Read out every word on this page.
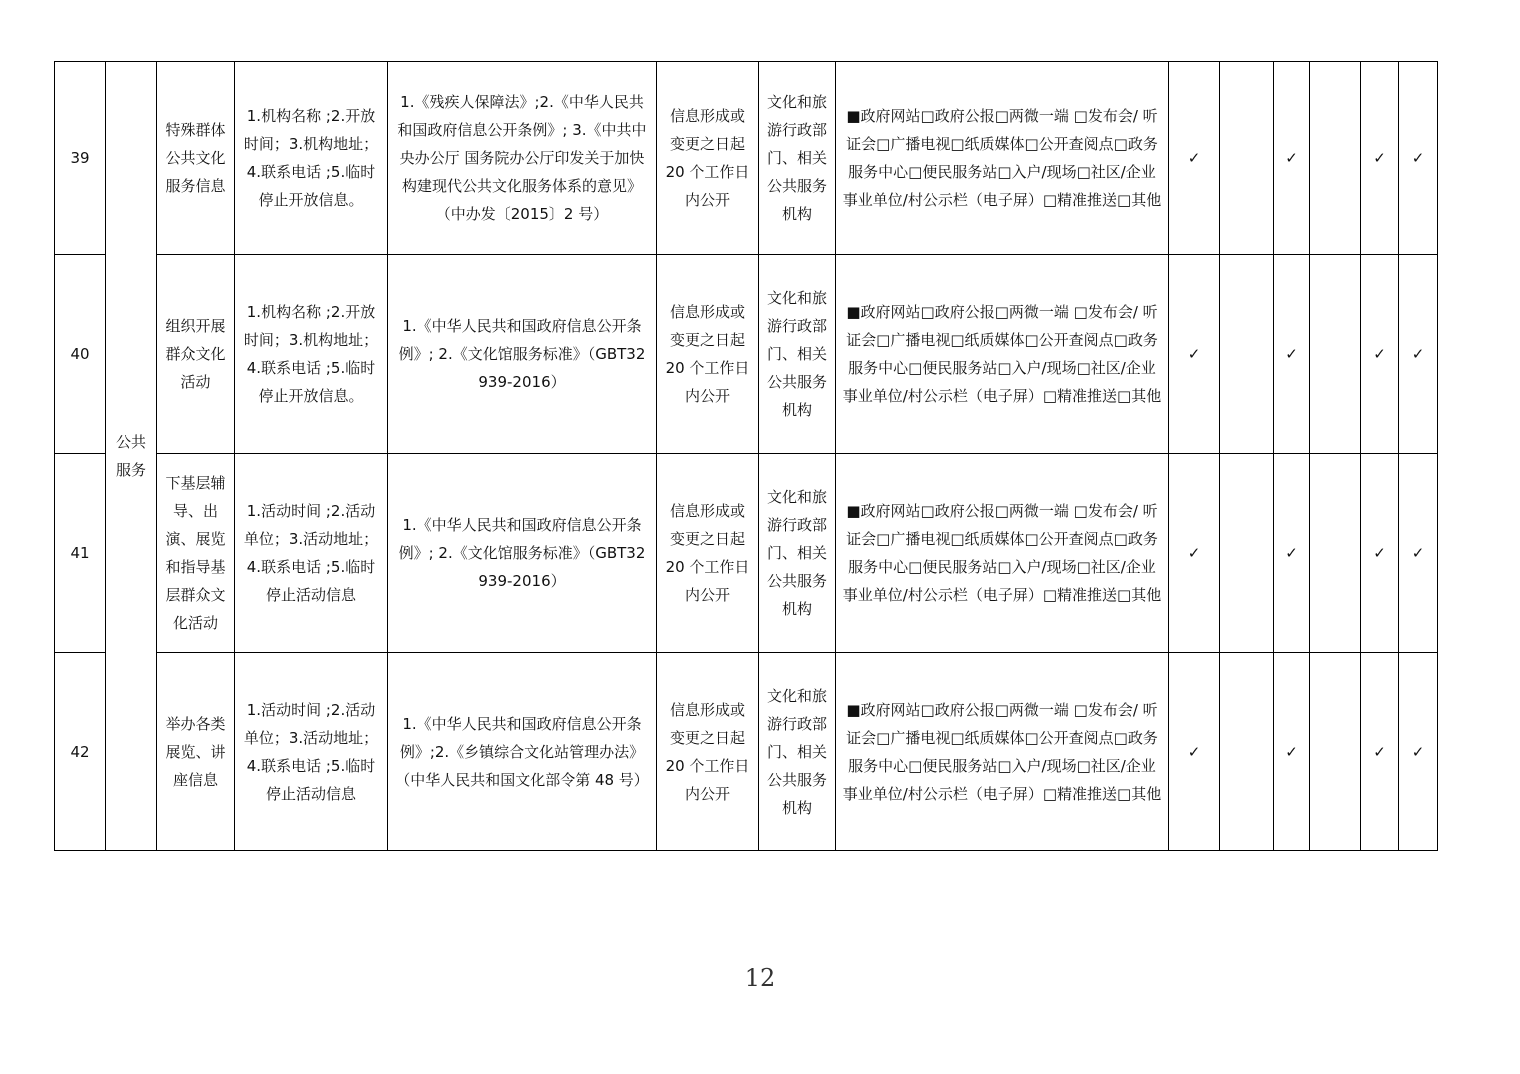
39	公共服务	特殊群体公共文化服务信息	1.机构名称 ;2.开放时间；3.机构地址；4.联系电话 ;5.临时停止开放信息。	1.《残疾人保障法》;2.《中华人民共和国政府信息公开条例》; 3.《中共中央办公厅 国务院办公厅印发关于加快构建现代公共文化服务体系的意见》（中办发〔2015〕2 号）	信息形成或变更之日起 20 个工作日内公开	文化和旅游行政部门、相关公共服务机构	■政府网站□政府公报□两微一端 □发布会/ 听证会□广播电视□纸质媒体□公开查阅点□政务服务中心□便民服务站□入户/现场□社区/企业事业单位/村公示栏（电子屏）□精准推送□其他	✓		✓		✓	✓
40		组织开展群众文化活动	1.机构名称 ;2.开放时间；3.机构地址；4.联系电话 ;5.临时停止开放信息。	1.《中华人民共和国政府信息公开条例》; 2.《文化馆服务标准》（GBT32939-2016）	信息形成或变更之日起 20 个工作日内公开	文化和旅游行政部门、相关公共服务机构	■政府网站□政府公报□两微一端 □发布会/ 听证会□广播电视□纸质媒体□公开查阅点□政务服务中心□便民服务站□入户/现场□社区/企业事业单位/村公示栏（电子屏）□精准推送□其他	✓		✓		✓	✓
41		下基层辅导、出演、展览和指导基层群众文化活动	1.活动时间 ;2.活动单位；3.活动地址；4.联系电话 ;5.临时停止活动信息	1.《中华人民共和国政府信息公开条例》; 2.《文化馆服务标准》（GBT32939-2016）	信息形成或变更之日起 20 个工作日内公开	文化和旅游行政部门、相关公共服务机构	■政府网站□政府公报□两微一端 □发布会/ 听证会□广播电视□纸质媒体□公开查阅点□政务服务中心□便民服务站□入户/现场□社区/企业事业单位/村公示栏（电子屏）□精准推送□其他	✓		✓		✓	✓
42		举办各类展览、讲座信息	1.活动时间 ;2.活动单位；3.活动地址；4.联系电话 ;5.临时停止活动信息	1.《中华人民共和国政府信息公开条例》;2.《乡镇综合文化站管理办法》（中华人民共和国文化部令第 48 号）	信息形成或变更之日起 20 个工作日内公开	文化和旅游行政部门、相关公共服务机构	■政府网站□政府公报□两微一端 □发布会/ 听证会□广播电视□纸质媒体□公开查阅点□政务服务中心□便民服务站□入户/现场□社区/企业事业单位/村公示栏（电子屏）□精准推送□其他	✓		✓		✓	✓
12
